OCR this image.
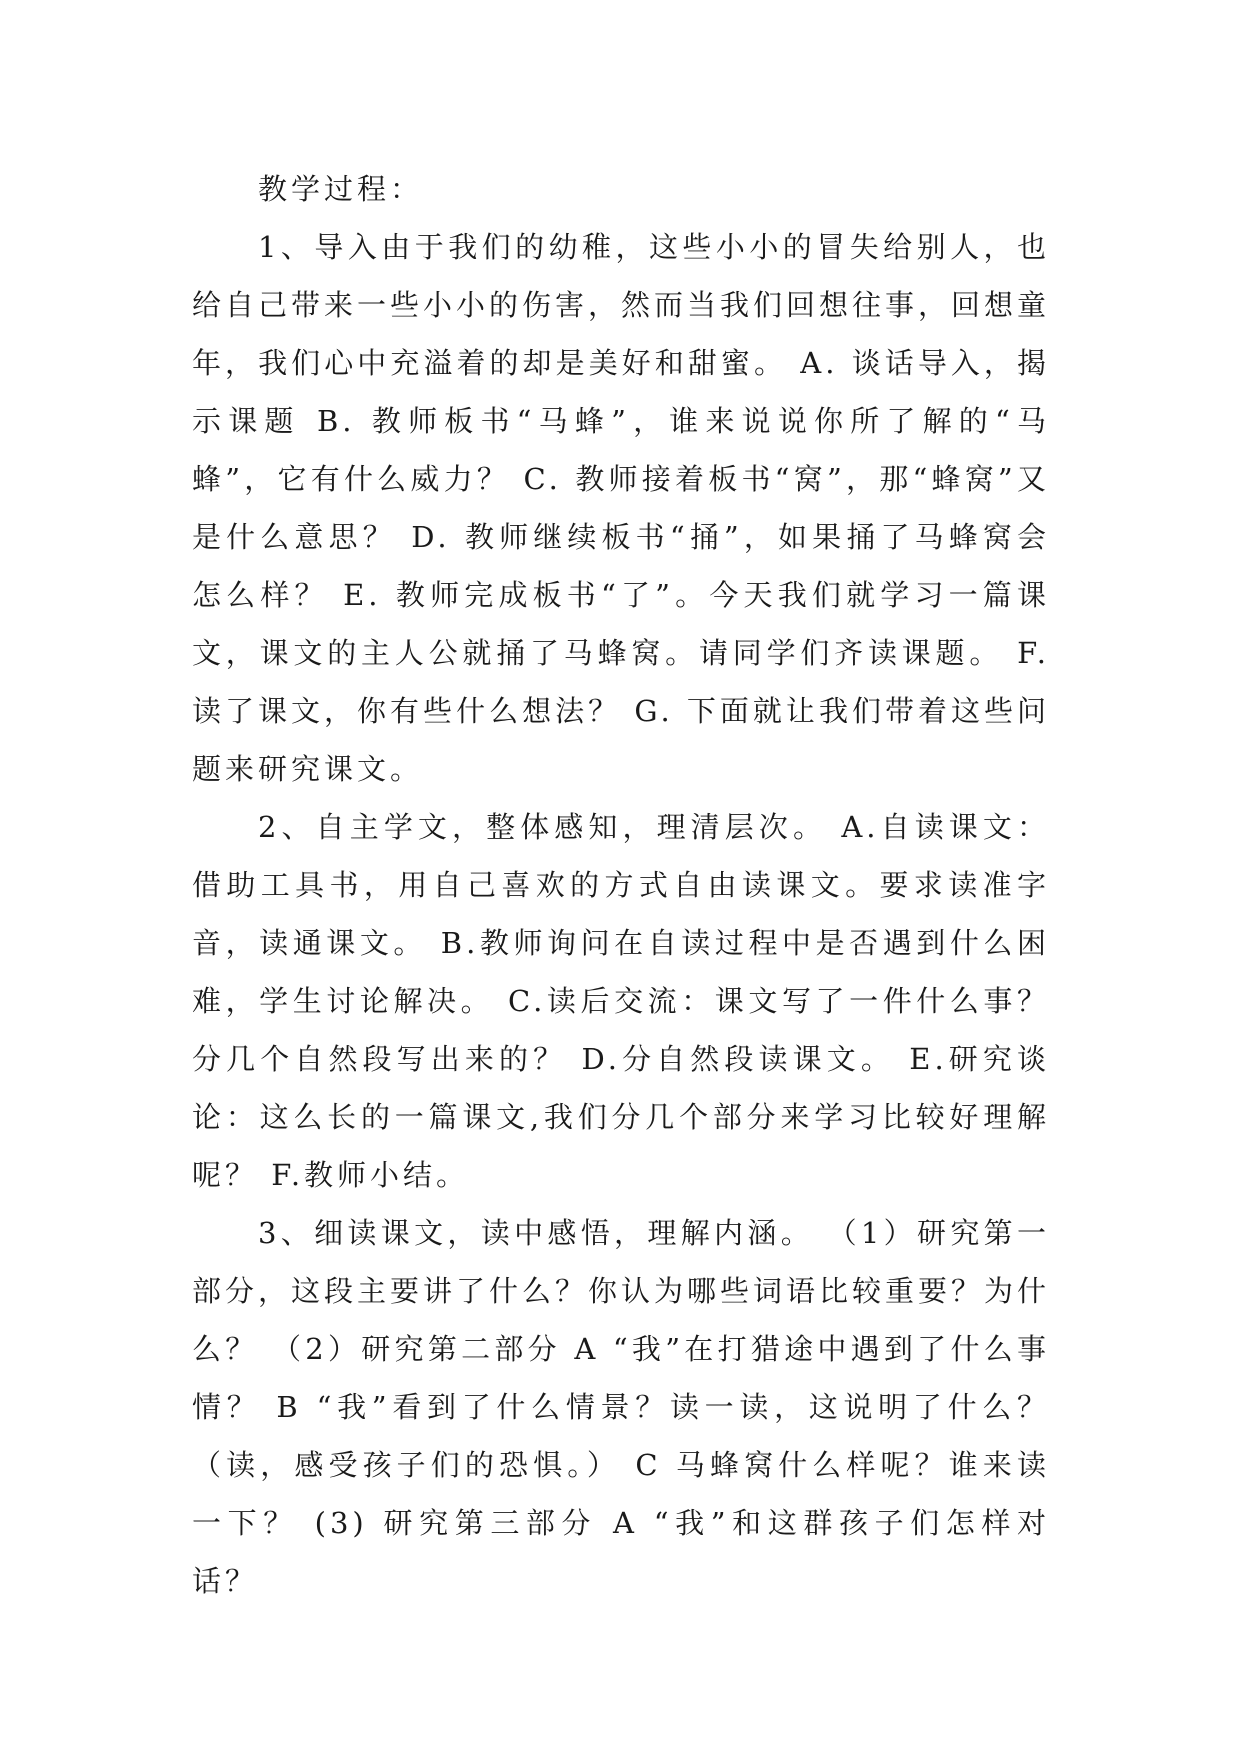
教学过程：

1、导入由于我们的幼稚，这些小小的冒失给别人，也给自己带来一些小小的伤害，然而当我们回想往事，回想童年，我们心中充溢着的却是美好和甜蜜。 A. 谈话导入，揭示课题 B. 教师板书“马蜂”，谁来说说你所了解的“马蜂”，它有什么威力？ C. 教师接着板书“窝”，那“蜂窝”又是什么意思？ D. 教师继续板书“捅”，如果捅了马蜂窝会怎么样？ E. 教师完成板书“了”。今天我们就学习一篇课文，课文的主人公就捅了马蜂窝。请同学们齐读课题。 F. 读了课文，你有些什么想法？ G. 下面就让我们带着这些问题来研究课文。

2、自主学文，整体感知，理清层次。 A.自读课文：借助工具书，用自己喜欢的方式自由读课文。要求读准字音，读通课文。 B.教师询问在自读过程中是否遇到什么困难，学生讨论解决。 C.读后交流：课文写了一件什么事？分几个自然段写出来的？ D.分自然段读课文。 E.研究谈论：这么长的一篇课文,我们分几个部分来学习比较好理解呢？ F.教师小结。

3、细读课文，读中感悟，理解内涵。 （1）研究第一部分，这段主要讲了什么？你认为哪些词语比较重要？为什么？ （2）研究第二部分 A “我”在打猎途中遇到了什么事情？ B “我”看到了什么情景？读一读，这说明了什么？（读，感受孩子们的恐惧。） C 马蜂窝什么样呢？谁来读一下？ (3) 研究第三部分 A “我”和这群孩子们怎样对话？
